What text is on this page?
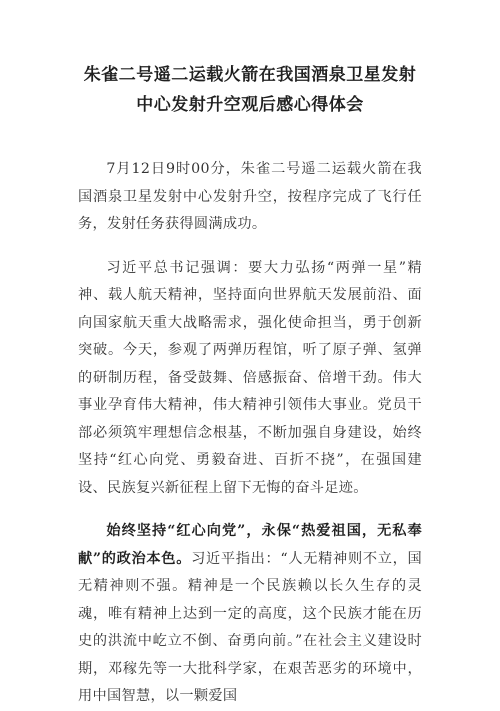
朱雀二号遥二运载火箭在我国酒泉卫星发射中心发射升空观后感心得体会

7月12日9时00分，朱雀二号遥二运载火箭在我国酒泉卫星发射中心发射升空，按程序完成了飞行任务，发射任务获得圆满成功。

习近平总书记强调：要大力弘扬“两弹一星”精神、载人航天精神，坚持面向世界航天发展前沿、面向国家航天重大战略需求，强化使命担当，勇于创新突破。今天，参观了两弹历程馆，听了原子弹、氢弹的研制历程，备受鼓舞、倍感振奋、倍增干劲。伟大事业孕育伟大精神，伟大精神引领伟大事业。党员干部必须筑牢理想信念根基，不断加强自身建设，始终坚持“红心向党、勇毅奋进、百折不挠”，在强国建设、民族复兴新征程上留下无悔的奋斗足迹。

始终坚持“红心向党”，永保“热爱祖国，无私奉献”的政治本色。习近平指出：“人无精神则不立，国无精神则不强。精神是一个民族赖以长久生存的灵魂，唯有精神上达到一定的高度，这个民族才能在历史的洪流中屹立不倒、奋勇向前。”在社会主义建设时期，邓稼先等一大批科学家，在艰苦恶劣的环境中，用中国智慧，以一颗爱国
